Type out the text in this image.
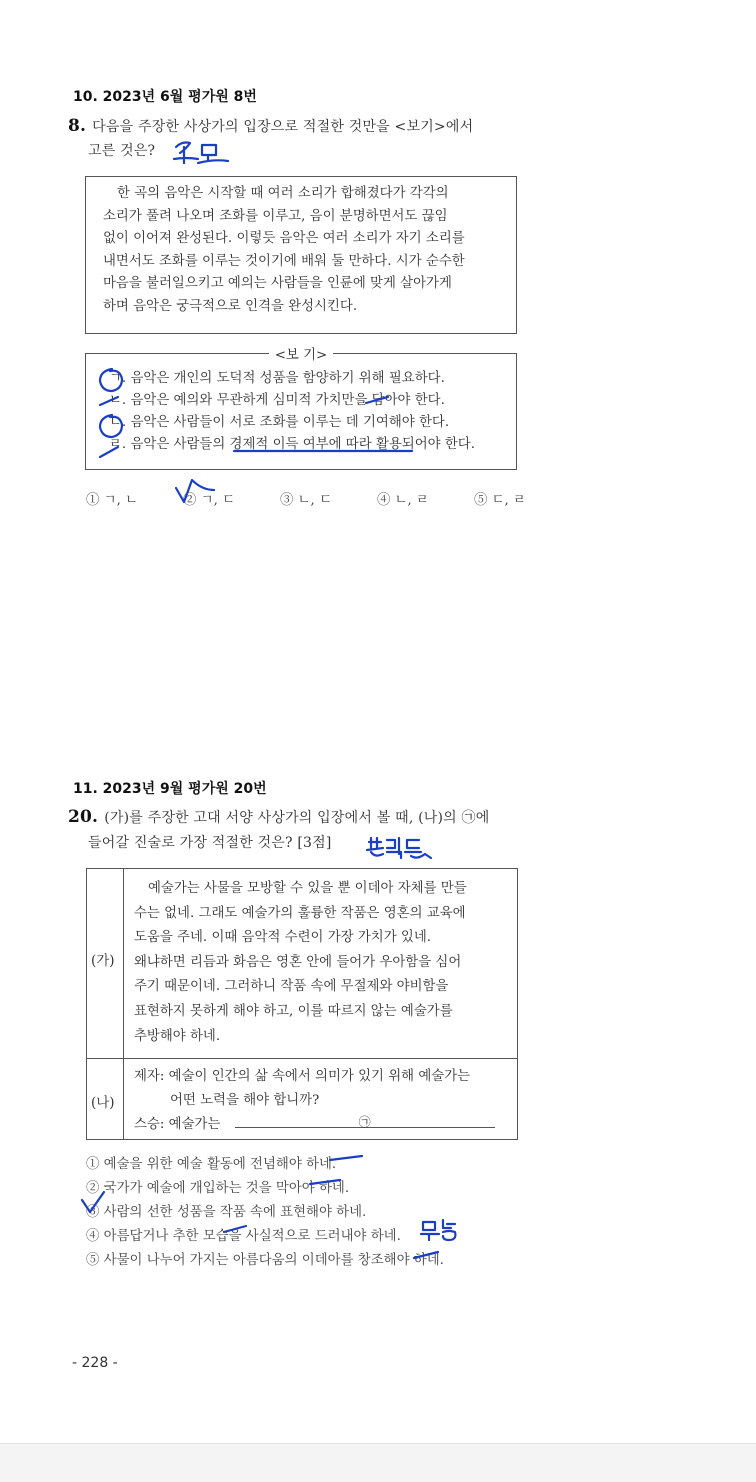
10. 2023년 6월 평가원 8번
8. 다음을 주장한 사상가의 입장으로 적절한 것만을 <보기>에서
고른 것은?
한 곡의 음악은 시작할 때 여러 소리가 합해졌다가 각각의
소리가 풀려 나오며 조화를 이루고, 음이 분명하면서도 끊임
없이 이어져 완성된다. 이렇듯 음악은 여러 소리가 자기 소리를
내면서도 조화를 이루는 것이기에 배워 둘 만하다. 시가 순수한
마음을 불러일으키고 예의는 사람들을 인륜에 맞게 살아가게
하며 음악은 궁극적으로 인격을 완성시킨다.
<보 기>
ㄱ. 음악은 개인의 도덕적 성품을 함양하기 위해 필요하다.
ㄴ. 음악은 예의와 무관하게 심미적 가치만을 담아야 한다.
ㄷ. 음악은 사람들이 서로 조화를 이루는 데 기여해야 한다.
ㄹ. 음악은 사람들의 경제적 이득 여부에 따라 활용되어야 한다.
① ㄱ, ㄴ	② ㄱ, ㄷ	③ ㄴ, ㄷ	④ ㄴ, ㄹ	⑤ ㄷ, ㄹ
11. 2023년 9월 평가원 20번
20. (가)를 주장한 고대 서양 사상가의 입장에서 볼 때, (나)의 ㉠에
들어갈 진술로 가장 적절한 것은? [3점]
(가)
예술가는 사물을 모방할 수 있을 뿐 이데아 자체를 만들
수는 없네. 그래도 예술가의 훌륭한 작품은 영혼의 교육에
도움을 주네. 이때 음악적 수련이 가장 가치가 있네.
왜냐하면 리듬과 화음은 영혼 안에 들어가 우아함을 심어
주기 때문이네. 그러하니 작품 속에 무절제와 야비함을
표현하지 못하게 해야 하고, 이를 따르지 않는 예술가를
추방해야 하네.
(나)
제자: 예술이 인간의 삶 속에서 의미가 있기 위해 예술가는
어떤 노력을 해야 합니까?
스승: 예술가는	㉠
① 예술을 위한 예술 활동에 전념해야 하네.
② 국가가 예술에 개입하는 것을 막아야 하네.
③ 사람의 선한 성품을 작품 속에 표현해야 하네.
④ 아름답거나 추한 모습을 사실적으로 드러내야 하네.
⑤ 사물이 나누어 가지는 아름다움의 이데아를 창조해야 하네.
- 228 -
